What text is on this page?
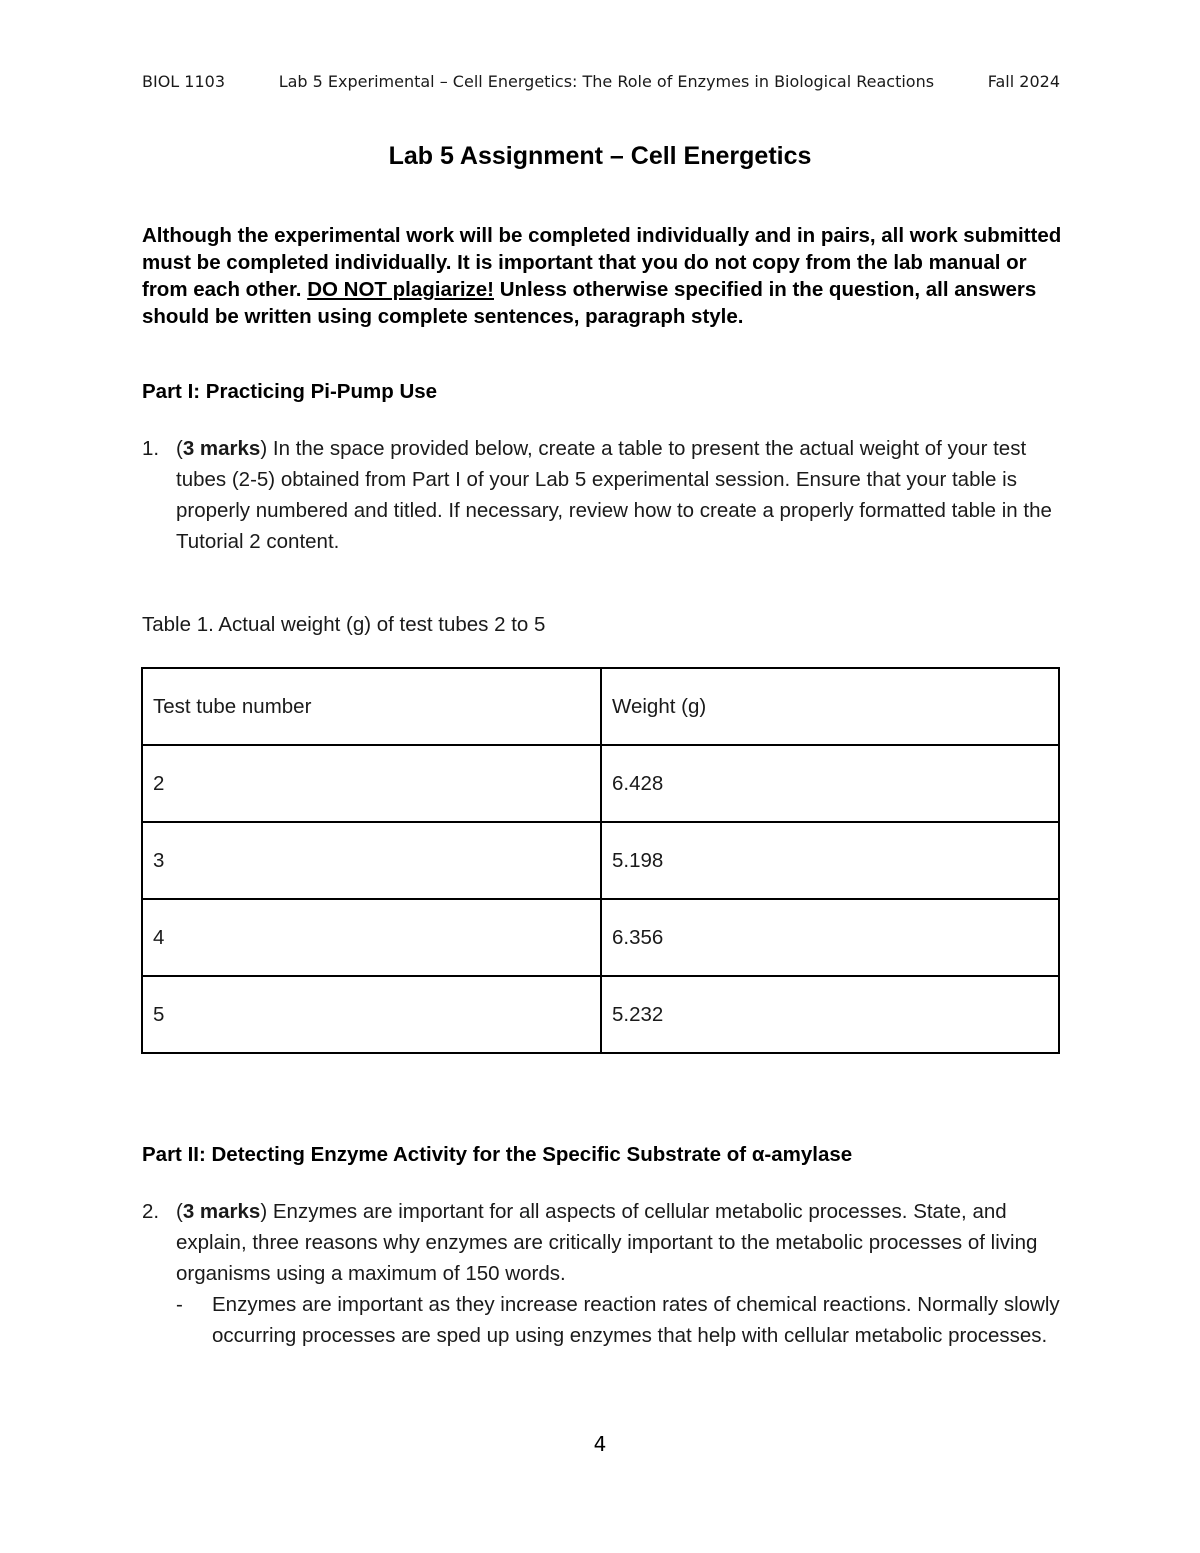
BIOL 1103	Lab 5 Experimental – Cell Energetics: The Role of Enzymes in Biological Reactions	Fall 2024
Lab 5 Assignment – Cell Energetics

Although the experimental work will be completed individually and in pairs, all work submitted must be completed individually. It is important that you do not copy from the lab manual or from each other. DO NOT plagiarize! Unless otherwise specified in the question, all answers should be written using complete sentences, paragraph style.

Part I: Practicing Pi-Pump Use
1. (3 marks) In the space provided below, create a table to present the actual weight of your test tubes (2-5) obtained from Part I of your Lab 5 experimental session. Ensure that your table is properly numbered and titled. If necessary, review how to create a properly formatted table in the Tutorial 2 content.

Table 1. Actual weight (g) of test tubes 2 to 5

Test tube number	Weight (g)
2	6.428
3	5.198
4	6.356
5	5.232
Part II: Detecting Enzyme Activity for the Specific Substrate of α-amylase
2. (3 marks) Enzymes are important for all aspects of cellular metabolic processes. State, and explain, three reasons why enzymes are critically important to the metabolic processes of living organisms using a maximum of 150 words.
- Enzymes are important as they increase reaction rates of chemical reactions. Normally slowly occurring processes are sped up using enzymes that help with cellular metabolic processes.

4
